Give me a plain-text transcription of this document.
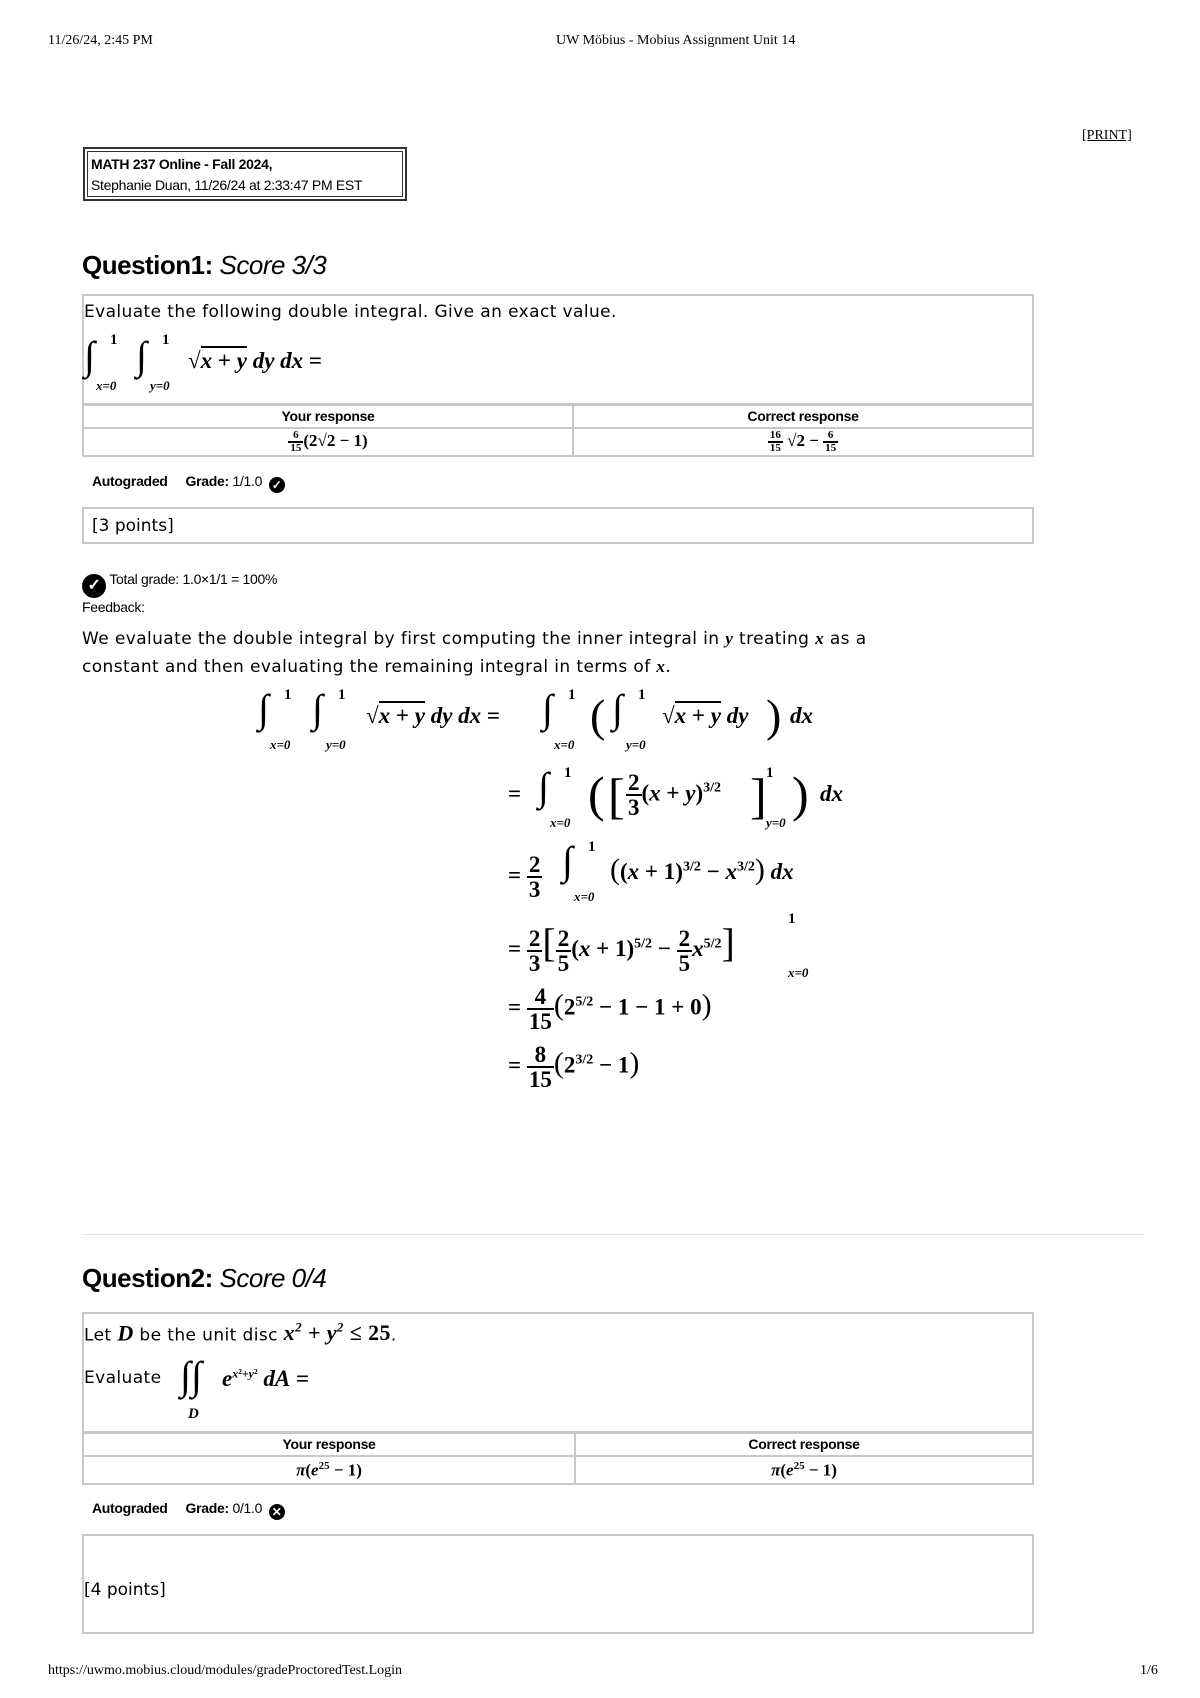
11/26/24, 2:45 PM	UW Möbius - Mobius Assignment Unit 14
[PRINT]
MATH 237 Online - Fall 2024,
Stephanie Duan, 11/26/24 at 2:33:47 PM EST
Question1: Score 3/3
Evaluate the following double integral. Give an exact value.
∫ 1
x=0
∫ 1
y=0
√x + y dy dx =
Your response	Correct response

$\frac{6}{15} (2√2 - 1)$	$\frac{16}{15} √2 - \frac{6}{15}$
Autograded Grade: 1/1.0 ✓
[3 points]
✓ Total grade: 1.0×1/1 = 100%
Feedback:
We evaluate the double integral by first computing the inner integral in y treating x as a
constant and then evaluating the remaining integral in terms of x.
∫ 1
x=0
∫ 1
y=0
√x + y dy dx = ∫ 1
x=0
( ∫ 1
y=0
√x + y dy ) dx
= ∫ 1
x=0
( [ $\frac{2}{3} (x + y)^{3/2}$ ] 1
y=0
) dx
= $\frac{2}{3}$ ∫ 1
x=0
$((x + 1)^{3/2} - x^{3/2})$ dx
= $\frac{2}{3}$ [ $\frac{2}{5} (x + 1)^{5/2} - \frac{2}{5} x^{5/2}$]
1
x=0
= $\frac{4}{15} (2^{5/2} - 1 - 1 + 0)$
= $\frac{8}{15} (2^{3/2} - 1)$
Question2: Score 0/4
Let D be the unit disc $x^2 + y^2 \le 25$.
Evaluate ∫∫
D
$e^{x^2+y^2}$ dA =
Your response	Correct response
$\pi(e^{25} - 1)$	$\pi(e^{25} - 1)$
Autograded Grade: 0/1.0 ✕
[4 points]
https://uwmo.mobius.cloud/modules/gradeProctoredTest.Login	1/6
